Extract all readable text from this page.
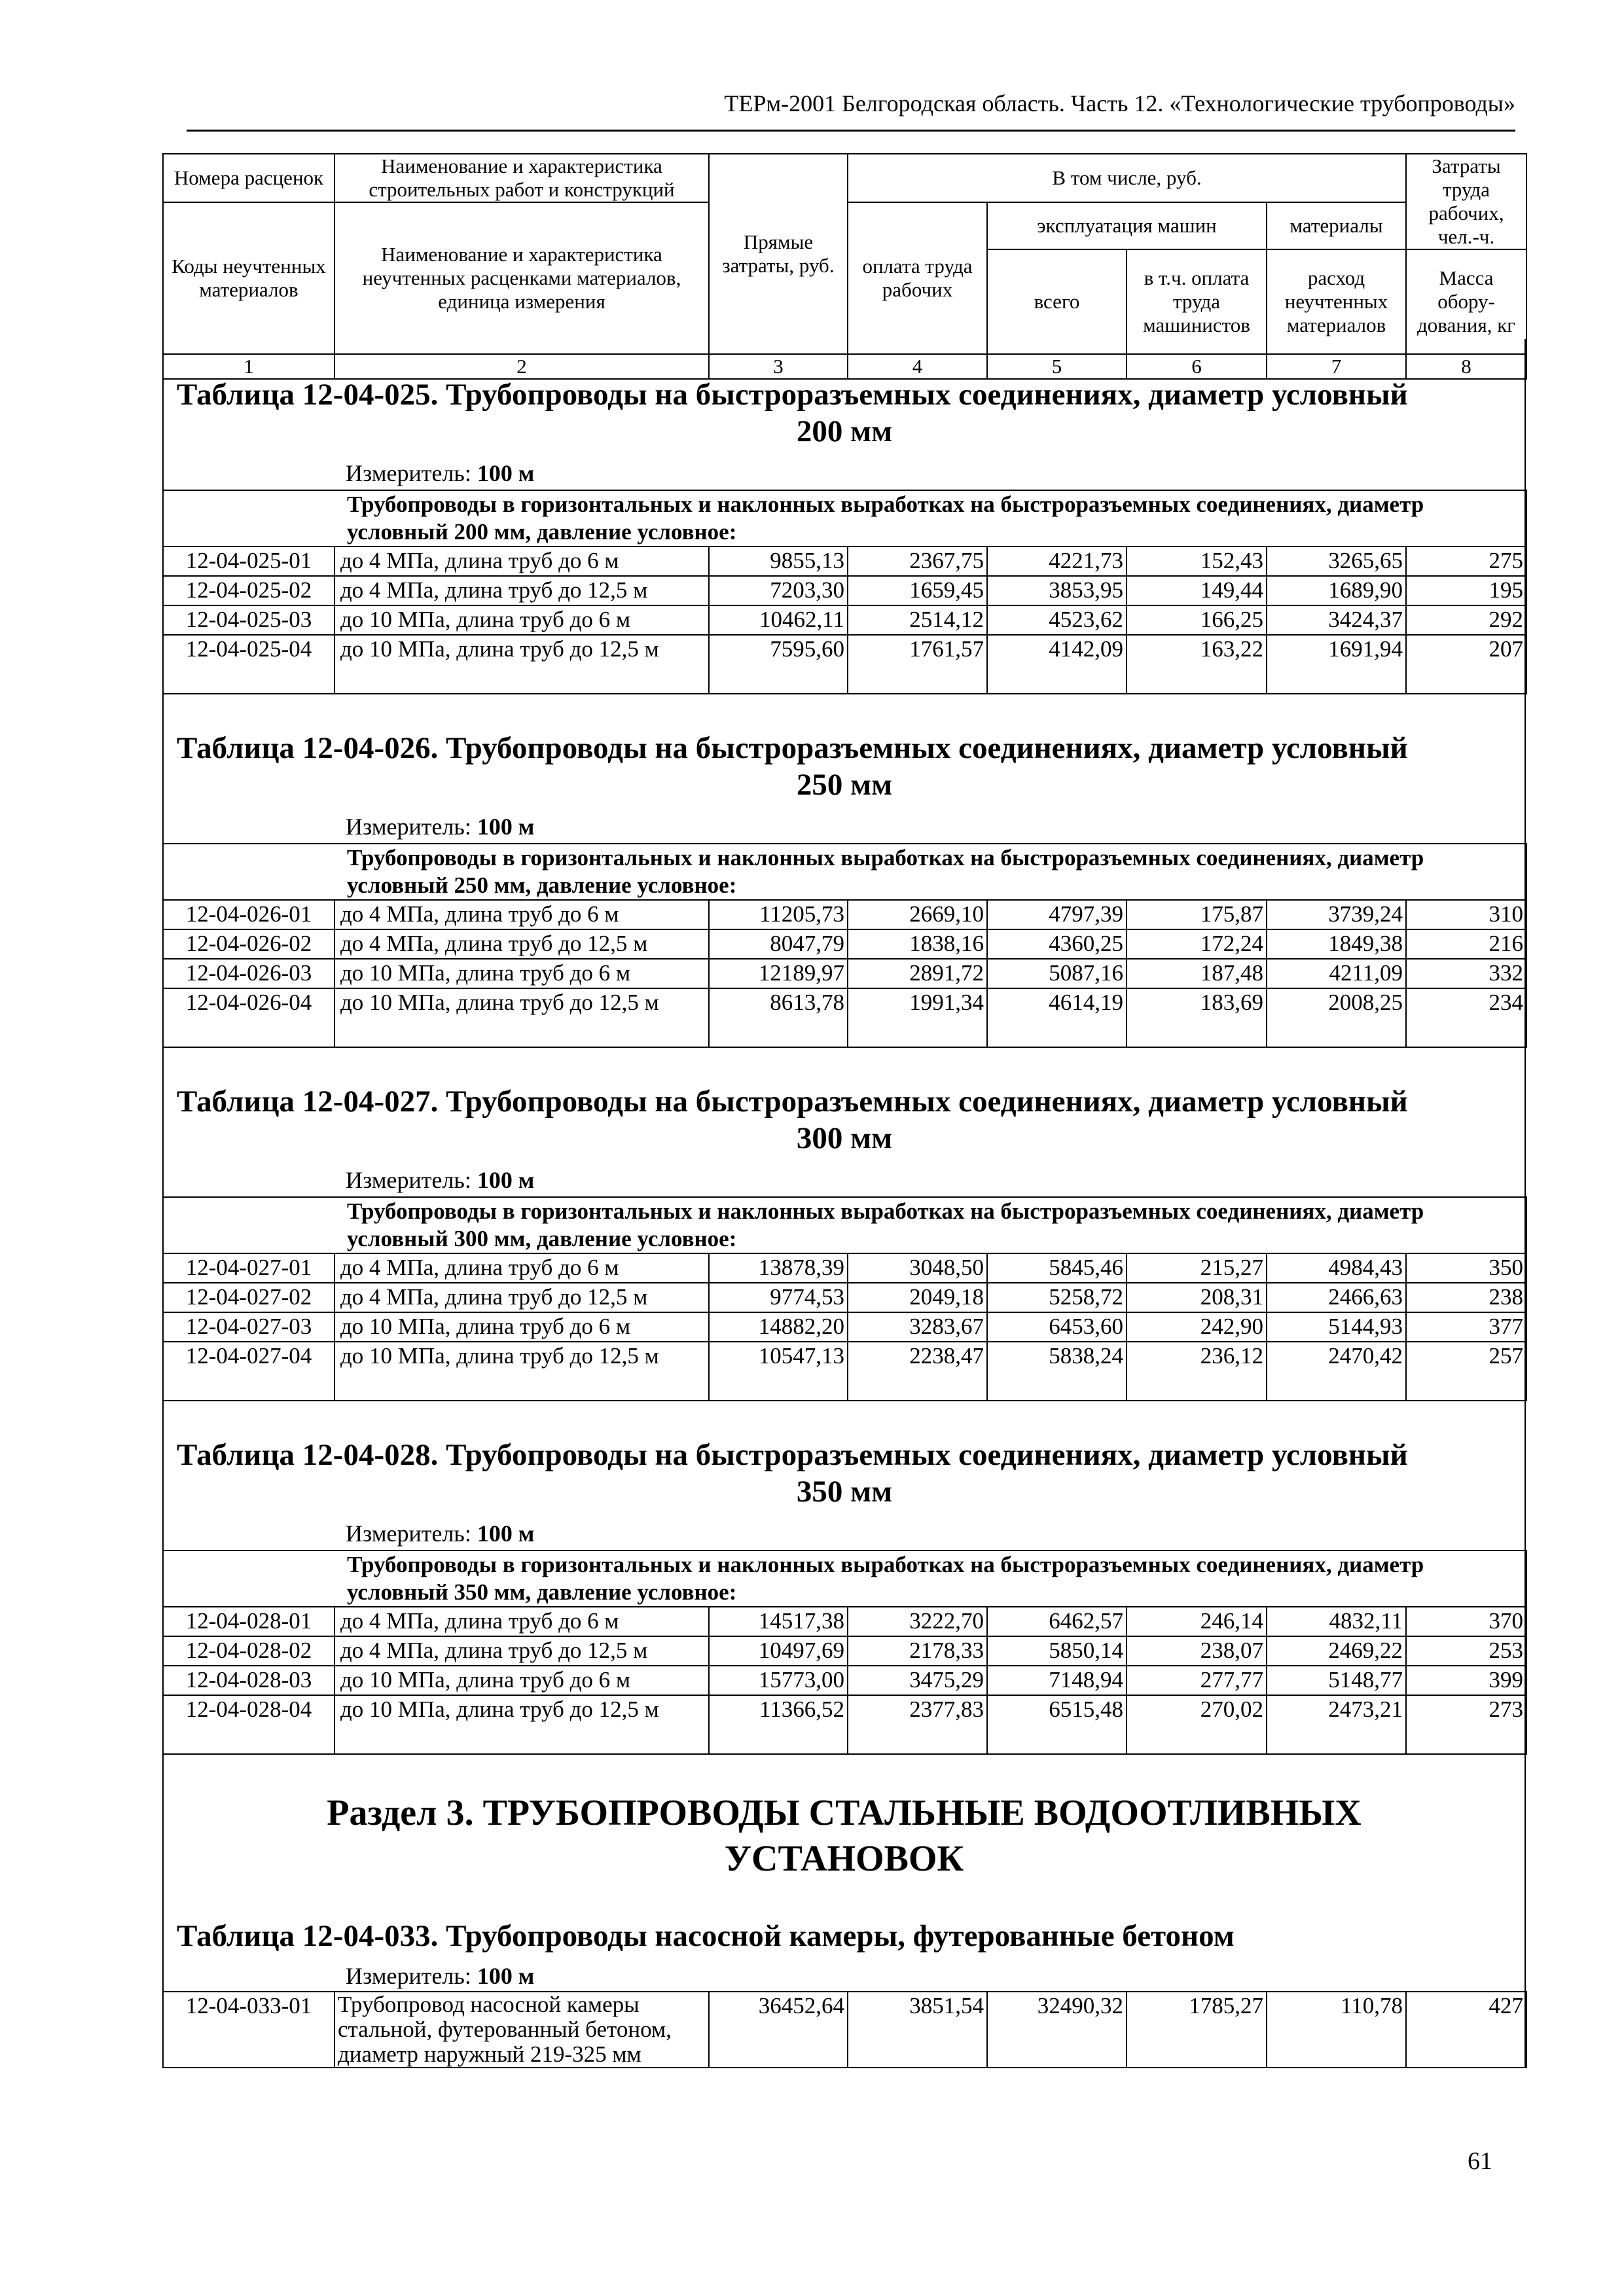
ТЕРм-2001 Белгородская область. Часть 12. «Технологические трубопроводы»
Номера расценок	Наименование и характеристика строительных работ и конструкций	Прямые затраты, руб.	В том числе, руб.				Затраты труда рабочих, чел.-ч.
Коды неучтенных материалов	Наименование и характеристика неучтенных расценками материалов, единица измерения		оплата труда рабочих	эксплуатация машин		материалы	
				всего	в т.ч. оплата труда машинистов	расход неучтенных материалов	Масса обору-дования, кг
1	2	3	4	5	6	7	8
Таблица 12-04-025. Трубопроводы на быстроразъемных соединениях, диаметр условный
200 мм
Измеритель: 100 м
Трубопроводы в горизонтальных и наклонных выработках на быстроразъемных соединениях, диаметр условный 200 мм, давление условное:							
12-04-025-01	до 4 МПа, длина труб до 6 м	9855,13	2367,75	4221,73	152,43	3265,65	275
12-04-025-02	до 4 МПа, длина труб до 12,5 м	7203,30	1659,45	3853,95	149,44	1689,90	195
12-04-025-03	до 10 МПа, длина труб до 6 м	10462,11	2514,12	4523,62	166,25	3424,37	292
12-04-025-04	до 10 МПа, длина труб до 12,5 м	7595,60	1761,57	4142,09	163,22	1691,94	207
Таблица 12-04-026. Трубопроводы на быстроразъемных соединениях, диаметр условный
250 мм
Измеритель: 100 м
Трубопроводы в горизонтальных и наклонных выработках на быстроразъемных соединениях, диаметр условный 250 мм, давление условное:							
12-04-026-01	до 4 МПа, длина труб до 6 м	11205,73	2669,10	4797,39	175,87	3739,24	310
12-04-026-02	до 4 МПа, длина труб до 12,5 м	8047,79	1838,16	4360,25	172,24	1849,38	216
12-04-026-03	до 10 МПа, длина труб до 6 м	12189,97	2891,72	5087,16	187,48	4211,09	332
12-04-026-04	до 10 МПа, длина труб до 12,5 м	8613,78	1991,34	4614,19	183,69	2008,25	234
Таблица 12-04-027. Трубопроводы на быстроразъемных соединениях, диаметр условный
300 мм
Измеритель: 100 м
Трубопроводы в горизонтальных и наклонных выработках на быстроразъемных соединениях, диаметр условный 300 мм, давление условное:							
12-04-027-01	до 4 МПа, длина труб до 6 м	13878,39	3048,50	5845,46	215,27	4984,43	350
12-04-027-02	до 4 МПа, длина труб до 12,5 м	9774,53	2049,18	5258,72	208,31	2466,63	238
12-04-027-03	до 10 МПа, длина труб до 6 м	14882,20	3283,67	6453,60	242,90	5144,93	377
12-04-027-04	до 10 МПа, длина труб до 12,5 м	10547,13	2238,47	5838,24	236,12	2470,42	257
Таблица 12-04-028. Трубопроводы на быстроразъемных соединениях, диаметр условный
350 мм
Измеритель: 100 м
Трубопроводы в горизонтальных и наклонных выработках на быстроразъемных соединениях, диаметр условный 350 мм, давление условное:							
12-04-028-01	до 4 МПа, длина труб до 6 м	14517,38	3222,70	6462,57	246,14	4832,11	370
12-04-028-02	до 4 МПа, длина труб до 12,5 м	10497,69	2178,33	5850,14	238,07	2469,22	253
12-04-028-03	до 10 МПа, длина труб до 6 м	15773,00	3475,29	7148,94	277,77	5148,77	399
12-04-028-04	до 10 МПа, длина труб до 12,5 м	11366,52	2377,83	6515,48	270,02	2473,21	273
Раздел 3. ТРУБОПРОВОДЫ СТАЛЬНЫЕ ВОДООТЛИВНЫХ
УСТАНОВОК
Таблица 12-04-033. Трубопроводы насосной камеры, футерованные бетоном
Измеритель: 100 м
12-04-033-01	Трубопровод насосной камеры стальной, футерованный бетоном, диаметр наружный 219-325 мм	36452,64	3851,54	32490,32	1785,27	110,78	427
61
